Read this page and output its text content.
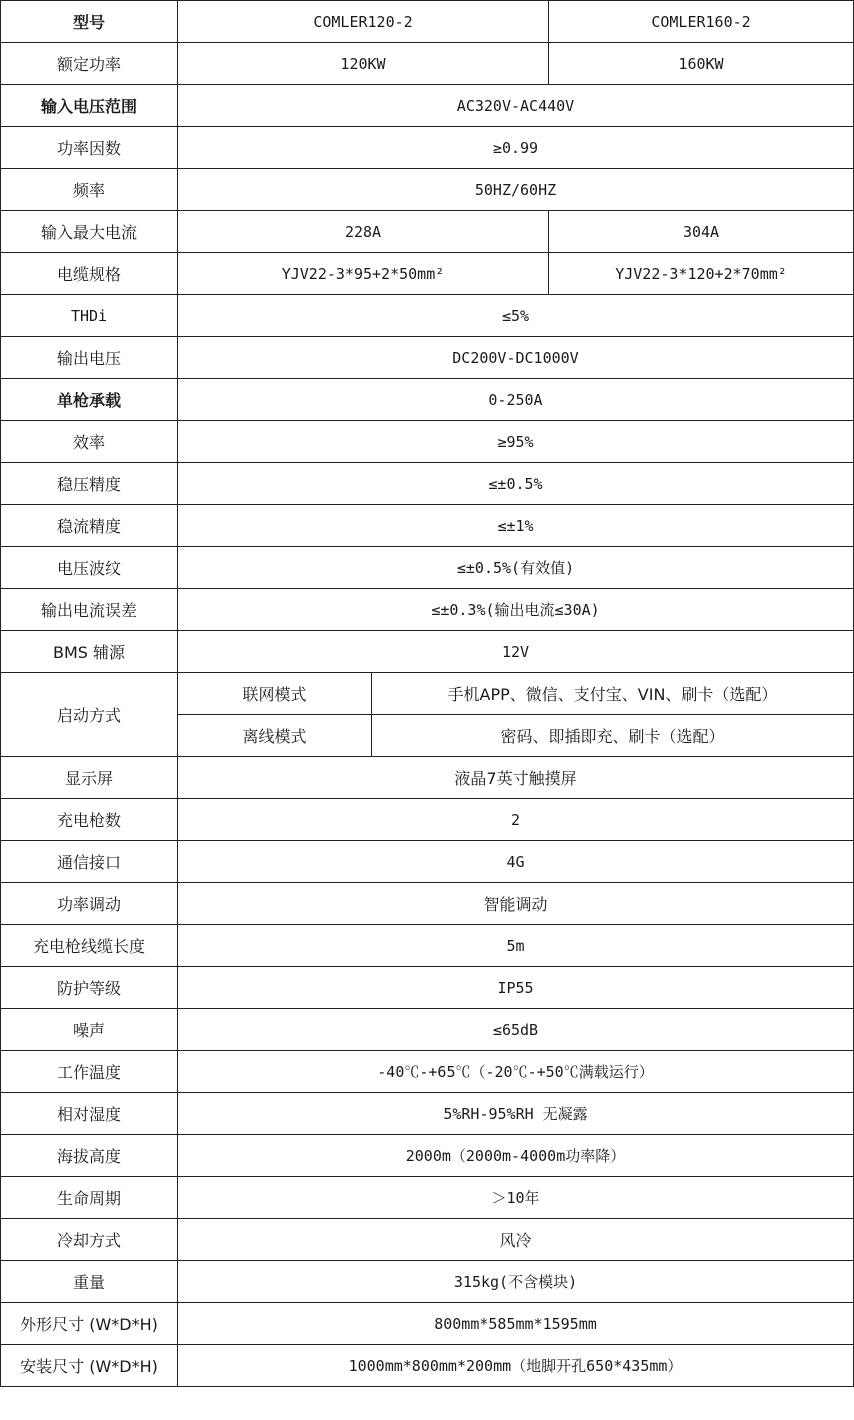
型号	COMLER120-2		COMLER160-2
额定功率	120KW		160KW
输入电压范围	AC320V-AC440V		
功率因数	≥0.99		
频率	50HZ/60HZ		
输入最大电流	228A		304A
电缆规格	YJV22-3*95+2*50mm²		YJV22-3*120+2*70mm²
THDi	≤5%		
输出电压	DC200V-DC1000V		
单枪承载	0-250A		
效率	≥95%		
稳压精度	≤±0.5%		
稳流精度	≤±1%		
电压波纹	≤±0.5%(有效值)		
输出电流误差	≤±0.3%(输出电流≤30A)		
BMS 辅源	12V		
启动方式	联网模式	手机APP、微信、支付宝、VIN、刷卡（选配）	
	离线模式	密码、即插即充、刷卡（选配）	
显示屏	液晶7英寸触摸屏		
充电枪数	2		
通信接口	4G		
功率调动	智能调动		
充电枪线缆长度	5m		
防护等级	IP55		
噪声	≤65dB		
工作温度	-40℃-+65℃（-20℃-+50℃满载运行）		
相对湿度	5%RH-95%RH 无凝露		
海拔高度	2000m（2000m-4000m功率降）		
生命周期	＞10年		
冷却方式	风冷		
重量	315kg(不含模块)		
外形尺寸 (W*D*H)	800mm*585mm*1595mm		
安装尺寸 (W*D*H)	1000mm*800mm*200mm（地脚开孔650*435mm）		
